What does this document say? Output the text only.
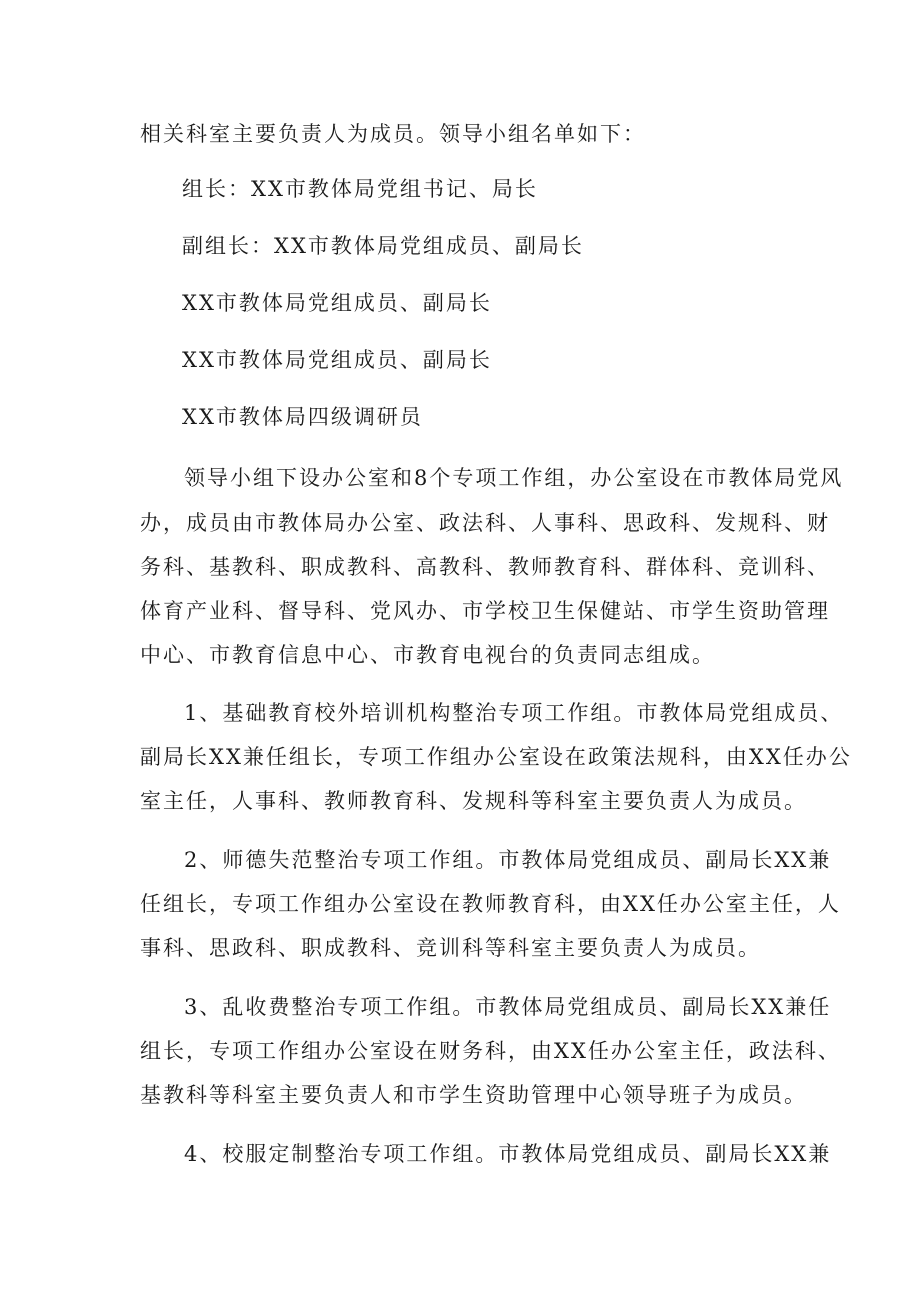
相关科室主要负责人为成员。领导小组名单如下：
组长：XX市教体局党组书记、局长
副组长：XX市教体局党组成员、副局长
XX市教体局党组成员、副局长
XX市教体局党组成员、副局长
XX市教体局四级调研员
领导小组下设办公室和8个专项工作组，办公室设在市教体局党风
办，成员由市教体局办公室、政法科、人事科、思政科、发规科、财
务科、基教科、职成教科、高教科、教师教育科、群体科、竞训科、
体育产业科、督导科、党风办、市学校卫生保健站、市学生资助管理
中心、市教育信息中心、市教育电视台的负责同志组成。
1、基础教育校外培训机构整治专项工作组。市教体局党组成员、
副局长XX兼任组长，专项工作组办公室设在政策法规科，由XX任办公
室主任，人事科、教师教育科、发规科等科室主要负责人为成员。
2、师德失范整治专项工作组。市教体局党组成员、副局长XX兼
任组长，专项工作组办公室设在教师教育科，由XX任办公室主任，人
事科、思政科、职成教科、竞训科等科室主要负责人为成员。
3、乱收费整治专项工作组。市教体局党组成员、副局长XX兼任
组长，专项工作组办公室设在财务科，由XX任办公室主任，政法科、
基教科等科室主要负责人和市学生资助管理中心领导班子为成员。
4、校服定制整治专项工作组。市教体局党组成员、副局长XX兼
